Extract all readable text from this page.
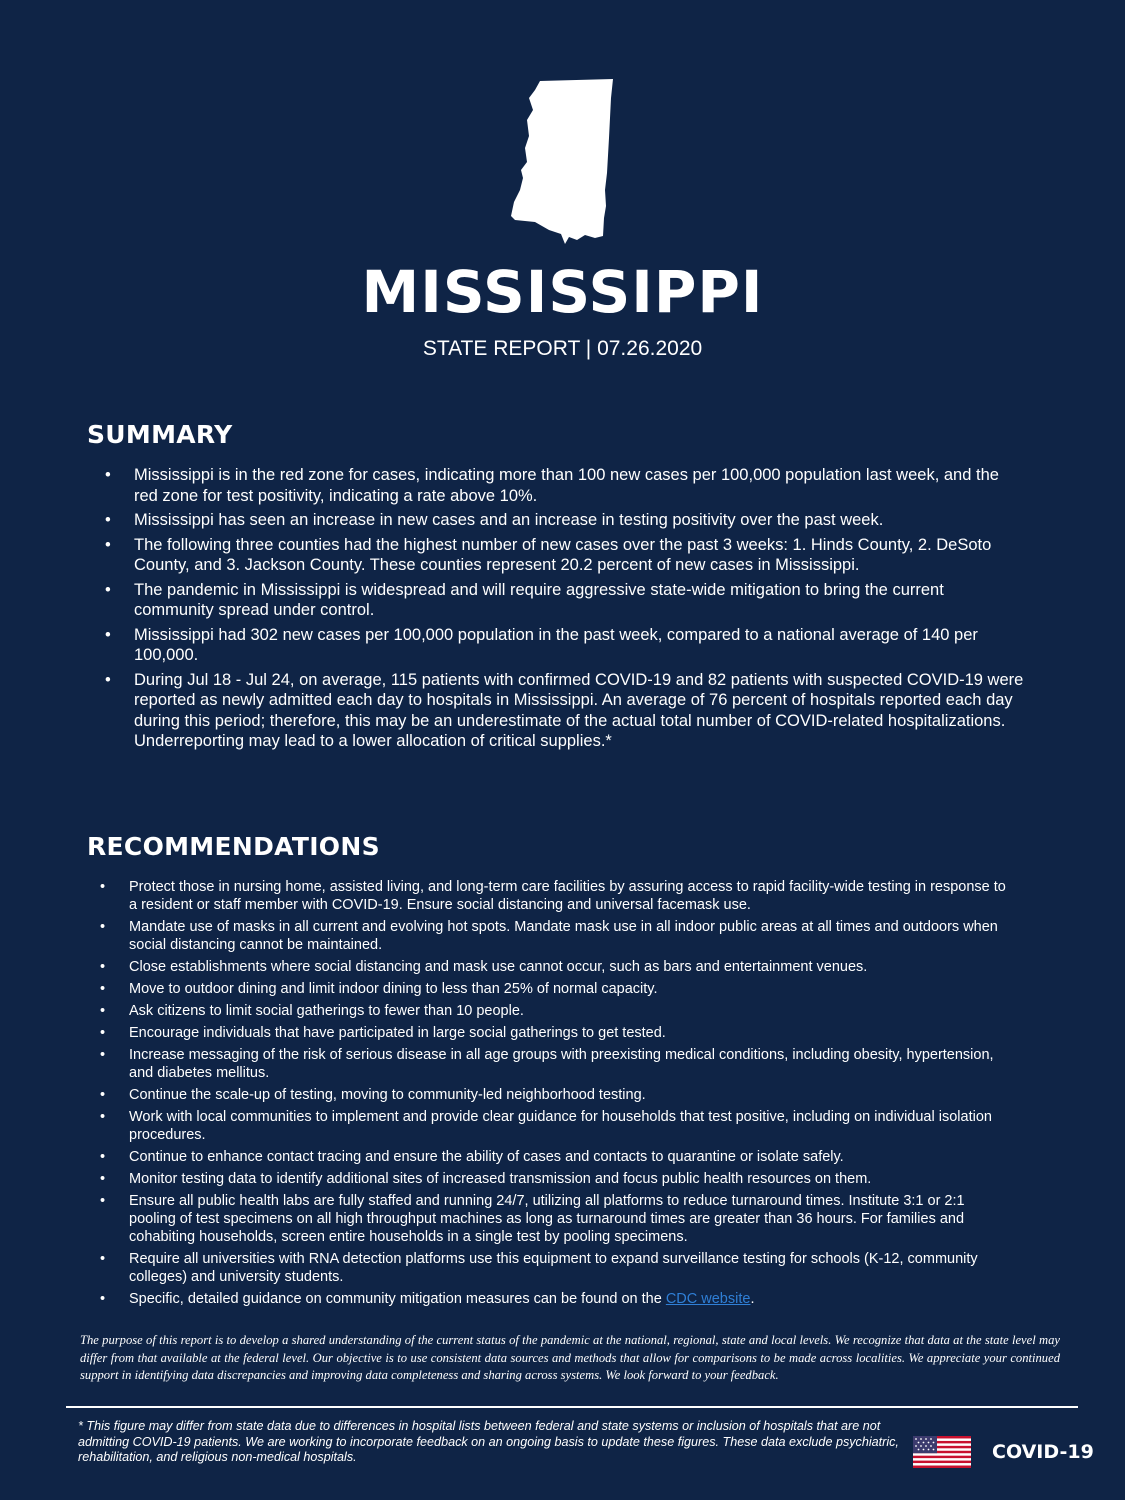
MISSISSIPPI
STATE REPORT | 07.26.2020
SUMMARY
• Mississippi is in the red zone for cases, indicating more than 100 new cases per 100,000 population last week, and the red zone for test positivity, indicating a rate above 10%.
• Mississippi has seen an increase in new cases and an increase in testing positivity over the past week.
• The following three counties had the highest number of new cases over the past 3 weeks: 1. Hinds County, 2. DeSoto County, and 3. Jackson County. These counties represent 20.2 percent of new cases in Mississippi.
• The pandemic in Mississippi is widespread and will require aggressive state-wide mitigation to bring the current community spread under control.
• Mississippi had 302 new cases per 100,000 population in the past week, compared to a national average of 140 per 100,000.
• During Jul 18 - Jul 24, on average, 115 patients with confirmed COVID-19 and 82 patients with suspected COVID-19 were reported as newly admitted each day to hospitals in Mississippi. An average of 76 percent of hospitals reported each day during this period; therefore, this may be an underestimate of the actual total number of COVID-related hospitalizations. Underreporting may lead to a lower allocation of critical supplies.*
RECOMMENDATIONS
• Protect those in nursing home, assisted living, and long-term care facilities by assuring access to rapid facility-wide testing in response to a resident or staff member with COVID-19. Ensure social distancing and universal facemask use.
• Mandate use of masks in all current and evolving hot spots. Mandate mask use in all indoor public areas at all times and outdoors when social distancing cannot be maintained.
• Close establishments where social distancing and mask use cannot occur, such as bars and entertainment venues.
• Move to outdoor dining and limit indoor dining to less than 25% of normal capacity.
• Ask citizens to limit social gatherings to fewer than 10 people.
• Encourage individuals that have participated in large social gatherings to get tested.
• Increase messaging of the risk of serious disease in all age groups with preexisting medical conditions, including obesity, hypertension, and diabetes mellitus.
• Continue the scale-up of testing, moving to community-led neighborhood testing.
• Work with local communities to implement and provide clear guidance for households that test positive, including on individual isolation procedures.
• Continue to enhance contact tracing and ensure the ability of cases and contacts to quarantine or isolate safely.
• Monitor testing data to identify additional sites of increased transmission and focus public health resources on them.
• Ensure all public health labs are fully staffed and running 24/7, utilizing all platforms to reduce turnaround times. Institute 3:1 or 2:1 pooling of test specimens on all high throughput machines as long as turnaround times are greater than 36 hours. For families and cohabiting households, screen entire households in a single test by pooling specimens.
• Require all universities with RNA detection platforms use this equipment to expand surveillance testing for schools (K-12, community colleges) and university students.
• Specific, detailed guidance on community mitigation measures can be found on the CDC website.
The purpose of this report is to develop a shared understanding of the current status of the pandemic at the national, regional, state and local levels. We recognize that data at the state level may differ from that available at the federal level. Our objective is to use consistent data sources and methods that allow for comparisons to be made across localities. We appreciate your continued support in identifying data discrepancies and improving data completeness and sharing across systems. We look forward to your feedback.
* This figure may differ from state data due to differences in hospital lists between federal and state systems or inclusion of hospitals that are not admitting COVID-19 patients. We are working to incorporate feedback on an ongoing basis to update these figures. These data exclude psychiatric, rehabilitation, and religious non-medical hospitals.	COVID-19
